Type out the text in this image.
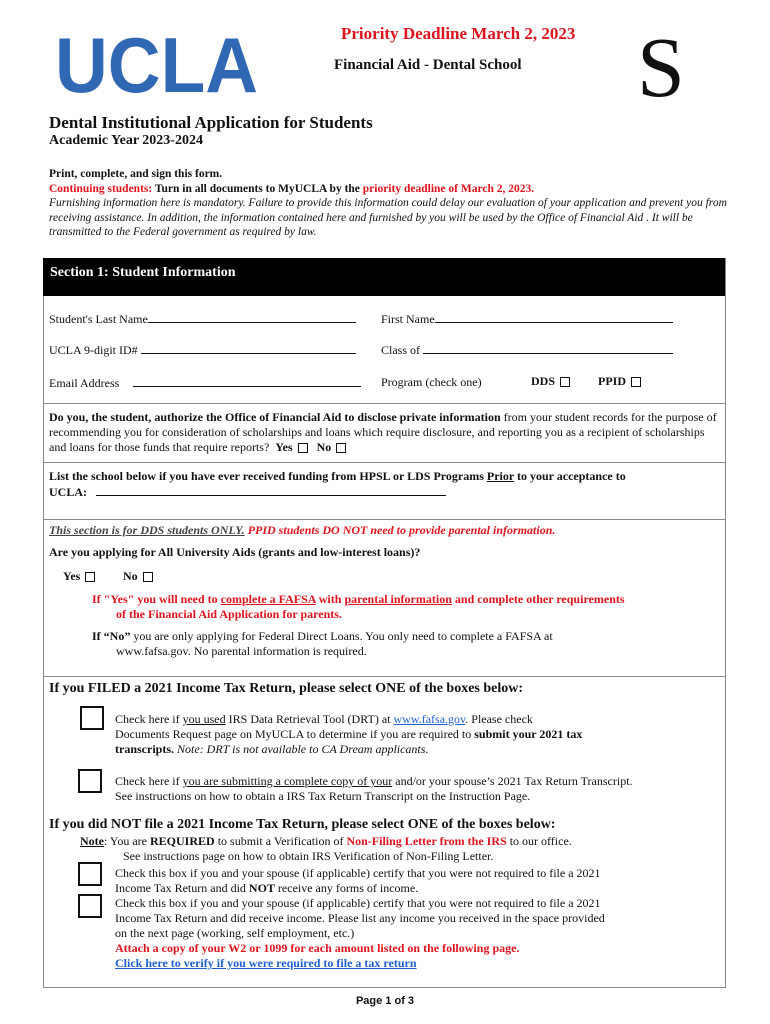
UCLA	Priority Deadline March 2, 2023
Financial Aid - Dental School S
Dental Institutional Application for Students
Academic Year 2023-2024
Print, complete, and sign this form.
Continuing students: Turn in all documents to MyUCLA by the priority deadline of March 2, 2023.
Furnishing information here is mandatory. Failure to provide this information could delay our evaluation of your application and prevent you from receiving assistance. In addition, the information contained here and furnished by you will be used by the Office of Financial Aid . It will be transmitted to the Federal government as required by law.
Section 1: Student Information
Student's Last Name	First Name
UCLA 9-digit ID#	Class of
Email Address	Program (check one)	DDS	PPID
Do you, the student, authorize the Office of Financial Aid to disclose private information from your student records for the purpose of recommending you for consideration of scholarships and loans which require disclosure, and reporting you as a recipient of scholarships and loans for those funds that require reports? Yes No
List the school below if you have ever received funding from HPSL or LDS Programs Prior to your acceptance to
UCLA:
This section is for DDS students ONLY. PPID students DO NOT need to provide parental information.
Are you applying for All University Aids (grants and low-interest loans)?
Yes	No
If "Yes" you will need to complete a FAFSA with parental information and complete other requirements
of the Financial Aid Application for parents.
If “No” you are only applying for Federal Direct Loans. You only need to complete a FAFSA at
www.fafsa.gov. No parental information is required.
If you FILED a 2021 Income Tax Return, please select ONE of the boxes below:
Check here if you used IRS Data Retrieval Tool (DRT) at www.fafsa.gov. Please check
Documents Request page on MyUCLA to determine if you are required to submit your 2021 tax
transcripts. Note: DRT is not available to CA Dream applicants.
Check here if you are submitting a complete copy of your and/or your spouse’s 2021 Tax Return Transcript.
See instructions on how to obtain a IRS Tax Return Transcript on the Instruction Page.
If you did NOT file a 2021 Income Tax Return, please select ONE of the boxes below:
Note: You are REQUIRED to submit a Verification of Non-Filing Letter from the IRS to our office.
See instructions page on how to obtain IRS Verification of Non-Filing Letter.
Check this box if you and your spouse (if applicable) certify that you were not required to file a 2021
Income Tax Return and did NOT receive any forms of income.
Check this box if you and your spouse (if applicable) certify that you were not required to file a 2021
Income Tax Return and did receive income. Please list any income you received in the space provided
on the next page (working, self employment, etc.)
Attach a copy of your W2 or 1099 for each amount listed on the following page.
Click here to verify if you were required to file a tax return
Page 1 of 3
